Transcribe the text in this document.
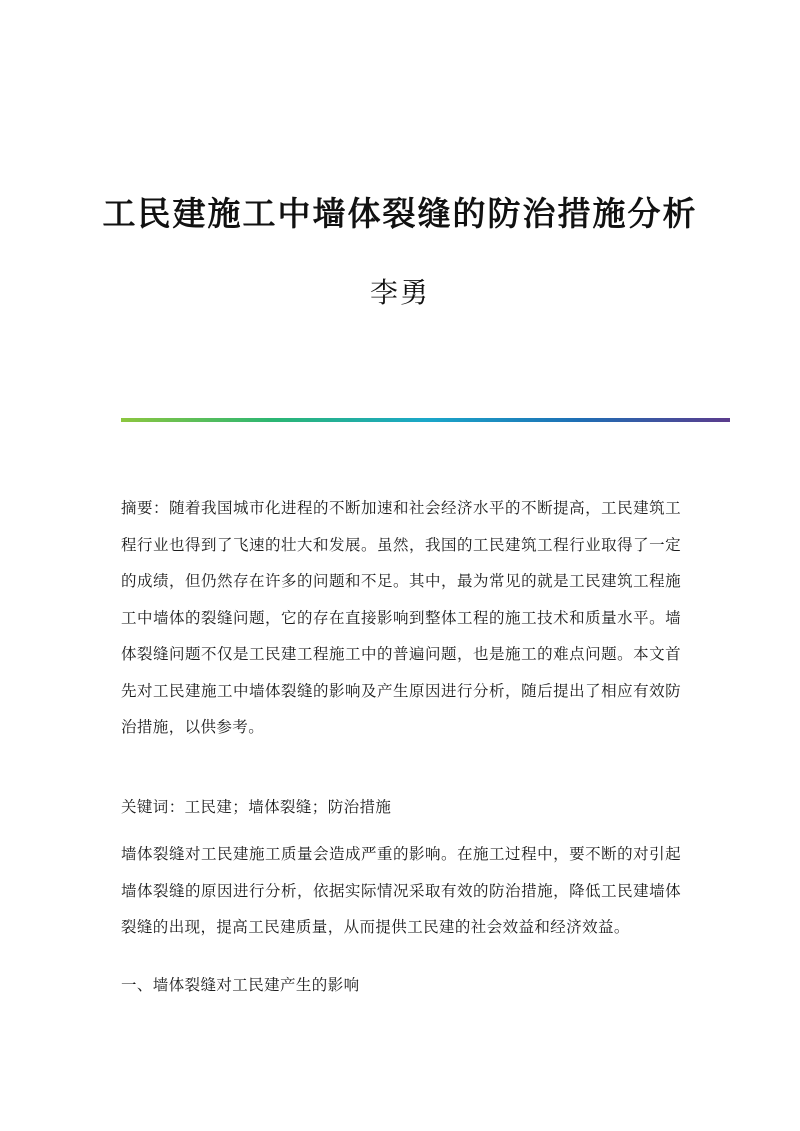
工民建施工中墙体裂缝的防治措施分析
李勇
摘要：随着我国城市化进程的不断加速和社会经济水平的不断提高，工民建筑工程行业也得到了飞速的壮大和发展。虽然，我国的工民建筑工程行业取得了一定的成绩，但仍然存在许多的问题和不足。其中，最为常见的就是工民建筑工程施工中墙体的裂缝问题，它的存在直接影响到整体工程的施工技术和质量水平。墙体裂缝问题不仅是工民建工程施工中的普遍问题，也是施工的难点问题。本文首先对工民建施工中墙体裂缝的影响及产生原因进行分析，随后提出了相应有效防治措施，以供参考。
关键词：工民建；墙体裂缝；防治措施
墙体裂缝对工民建施工质量会造成严重的影响。在施工过程中，要不断的对引起墙体裂缝的原因进行分析，依据实际情况采取有效的防治措施，降低工民建墙体裂缝的出现，提高工民建质量，从而提供工民建的社会效益和经济效益。
一、墙体裂缝对工民建产生的影响
